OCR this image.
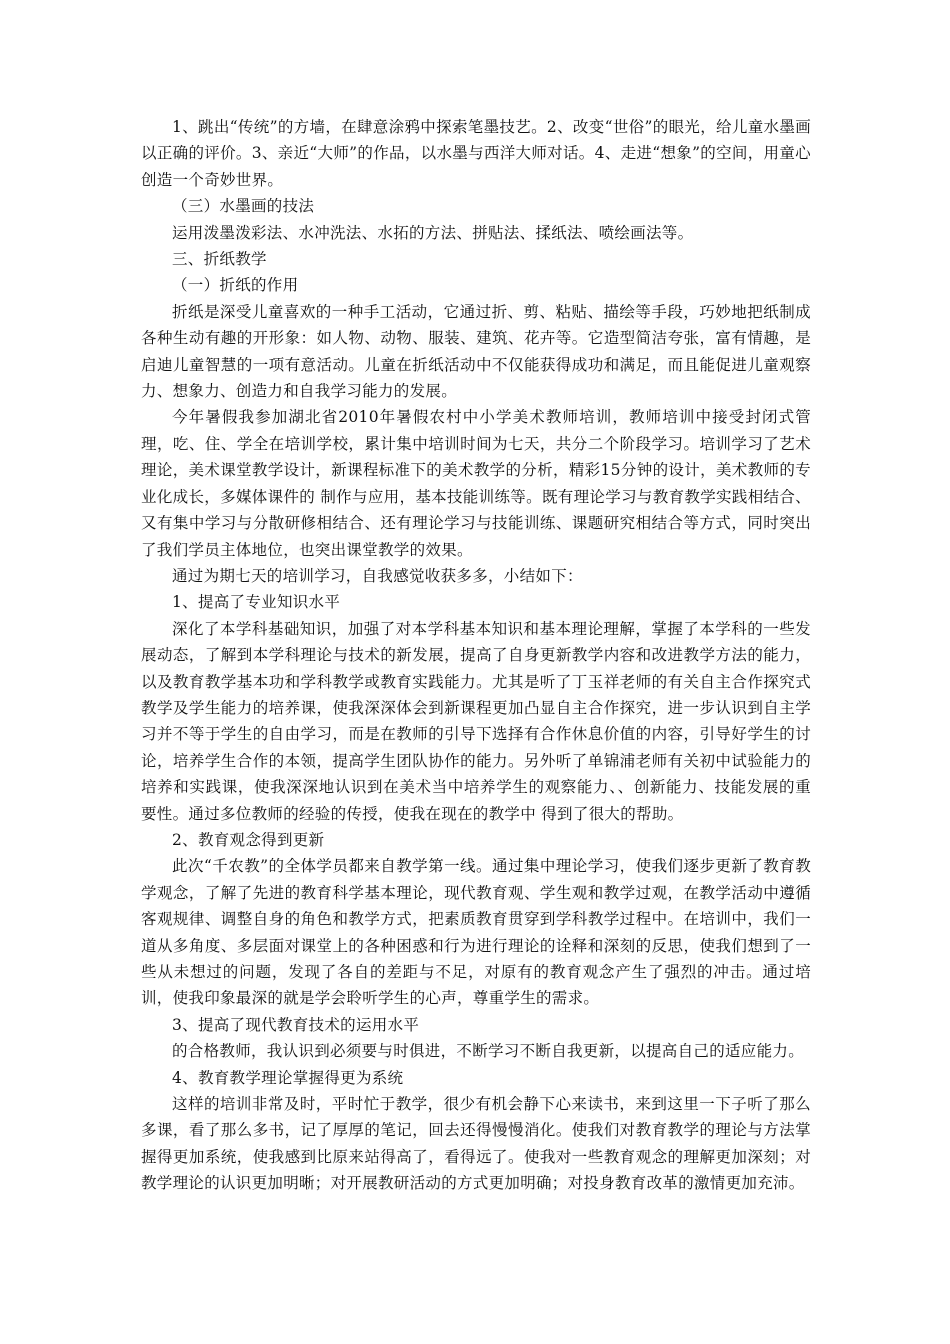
1、跳出“传统”的方墙，在肆意涂鸦中探索笔墨技艺。2、改变“世俗”的眼光，给儿童水墨画以正确的评价。3、亲近“大师”的作品，以水墨与西洋大师对话。4、走进“想象”的空间，用童心创造一个奇妙世界。

（三）水墨画的技法

运用泼墨泼彩法、水冲洗法、水拓的方法、拼贴法、揉纸法、喷绘画法等。

三、折纸教学

（一）折纸的作用

折纸是深受儿童喜欢的一种手工活动，它通过折、剪、粘贴、描绘等手段，巧妙地把纸制成各种生动有趣的开形象：如人物、动物、服装、建筑、花卉等。它造型简洁夸张，富有情趣，是启迪儿童智慧的一项有意活动。儿童在折纸活动中不仅能获得成功和满足，而且能促进儿童观察力、想象力、创造力和自我学习能力的发展。

今年暑假我参加湖北省2010年暑假农村中小学美术教师培训，教师培训中接受封闭式管理，吃、住、学全在培训学校，累计集中培训时间为七天，共分二个阶段学习。培训学习了艺术理论，美术课堂教学设计，新课程标准下的美术教学的分析，精彩15分钟的设计，美术教师的专业化成长，多媒体课件的 制作与应用，基本技能训练等。既有理论学习与教育教学实践相结合、又有集中学习与分散研修相结合、还有理论学习与技能训练、课题研究相结合等方式，同时突出了我们学员主体地位，也突出课堂教学的效果。

通过为期七天的培训学习，自我感觉收获多多，小结如下：

1、提高了专业知识水平

深化了本学科基础知识，加强了对本学科基本知识和基本理论理解，掌握了本学科的一些发展动态，了解到本学科理论与技术的新发展，提高了自身更新教学内容和改进教学方法的能力，以及教育教学基本功和学科教学或教育实践能力。尤其是听了丁玉祥老师的有关自主合作探究式教学及学生能力的培养课，使我深深体会到新课程更加凸显自主合作探究，进一步认识到自主学习并不等于学生的自由学习，而是在教师的引导下选择有合作休息价值的内容，引导好学生的讨论，培养学生合作的本领，提高学生团队协作的能力。另外听了单锦浦老师有关初中试验能力的培养和实践课，使我深深地认识到在美术当中培养学生的观察能力、、创新能力、技能发展的重要性。通过多位教师的经验的传授，使我在现在的教学中 得到了很大的帮助。

2、教育观念得到更新

此次“千农教”的全体学员都来自教学第一线。通过集中理论学习，使我们逐步更新了教育教学观念，了解了先进的教育科学基本理论，现代教育观、学生观和教学过观，在教学活动中遵循客观规律、调整自身的角色和教学方式，把素质教育贯穿到学科教学过程中。在培训中，我们一道从多角度、多层面对课堂上的各种困惑和行为进行理论的诠释和深刻的反思，使我们想到了一些从未想过的问题，发现了各自的差距与不足，对原有的教育观念产生了强烈的冲击。通过培训，使我印象最深的就是学会聆听学生的心声，尊重学生的需求。

3、提高了现代教育技术的运用水平

的合格教师，我认识到必须要与时俱进，不断学习不断自我更新，以提高自己的适应能力。

4、教育教学理论掌握得更为系统

这样的培训非常及时，平时忙于教学，很少有机会静下心来读书，来到这里一下子听了那么多课，看了那么多书，记了厚厚的笔记，回去还得慢慢消化。使我们对教育教学的理论与方法掌握得更加系统，使我感到比原来站得高了，看得远了。使我对一些教育观念的理解更加深刻；对教学理论的认识更加明晰；对开展教研活动的方式更加明确；对投身教育改革的激情更加充沛。
